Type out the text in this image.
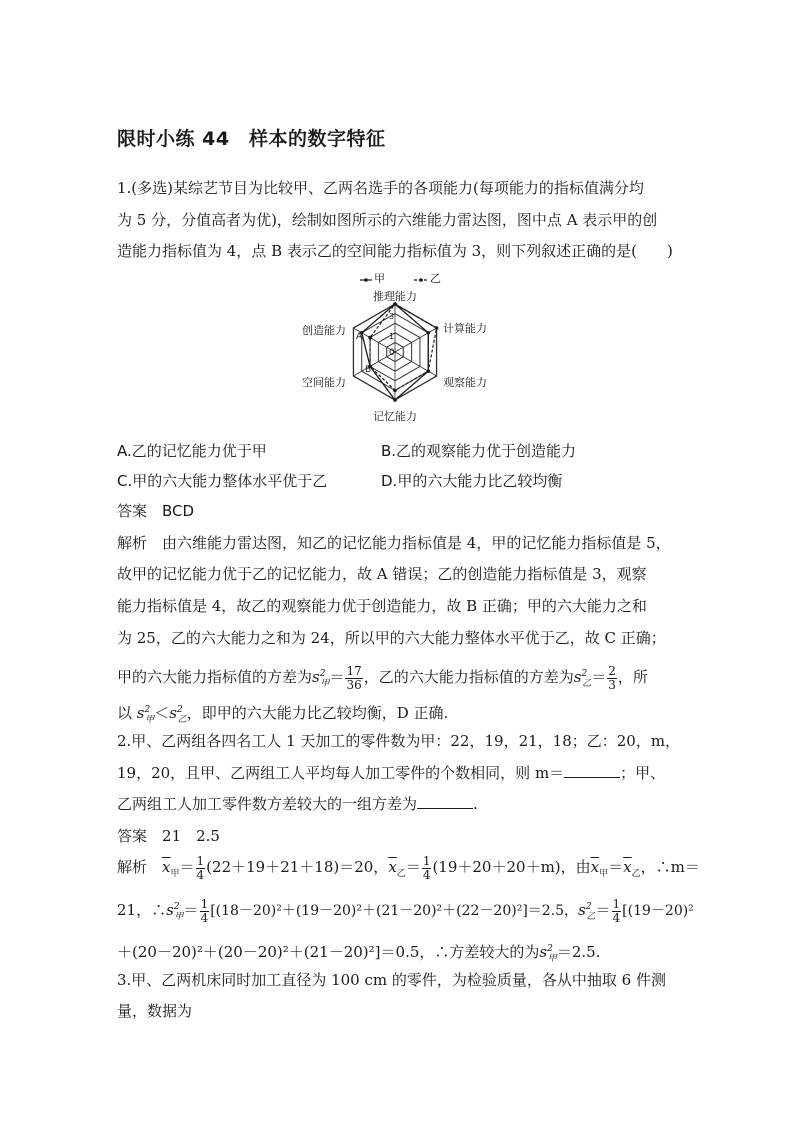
限时小练 44　样本的数字特征
1.(多选)某综艺节目为比较甲、乙两名选手的各项能力(每项能力的指标值满分均
为 5 分，分值高者为优)，绘制如图所示的六维能力雷达图，图中点 A 表示甲的创
造能力指标值为 4，点 B 表示乙的空间能力指标值为 3，则下列叙述正确的是(　　)
甲	乙
推理能力
计算能力
观察能力
记忆能力
空间能力
创造能力 A
B
0
1
3
A.乙的记忆能力优于甲	B.乙的观察能力优于创造能力
C.甲的六大能力整体水平优于乙	D.甲的六大能力比乙较均衡
答案　 BCD
解析　 由六维能力雷达图，知乙的记忆能力指标值是 4，甲的记忆能力指标值是 5，
故甲的记忆能力优于乙的记忆能力，故 A 错误；乙的创造能力指标值是 3，观察
能力指标值是 4，故乙的观察能力优于创造能力，故 B 正确；甲的六大能力之和
为 25，乙的六大能力之和为 24，所以甲的六大能力整体水平优于乙，故 C 正确；
甲的六大能力指标值的方差为$s^2_甲= \frac{17}{36}$ ，乙的六大能力指标值的方差为$s^2_乙= \frac{2}{3}$ ，所
以 $s^2_甲<s^2_乙$，即甲的六大能力比乙较均衡，D 正确.
2.甲、乙两组各四名工人 1 天加工的零件数为甲：22，19，21，18；乙：20，m，
19，20，且甲、乙两组工人平均每人加工零件的个数相同，则 m＝	；甲、
乙两组工人加工零件数方差较大的一组方差为	.
答案　 21　2.5
解析　 $\overline{x}_甲= \frac{1}{4} (22+19+21+18)=20$，$\overline{x}_乙= \frac{1}{4} (19+20+20+m)$，由$\overline{x}_甲=\overline{x}_乙$，∴m＝
21，$\therefore s^2_甲= \frac{1}{4} [(18-20)^2+(19-20)^2+(21-20)^2+(22-20)^2]=2.5$，$s^2_乙= \frac{1}{4} [(19-20)^2$
＋(20－20)²＋(20－20)²＋(21－20)²]＝0.5，∴方差较大的为$s^2_甲=2.5$.
3.甲、乙两机床同时加工直径为 100 cm 的零件，为检验质量，各从中抽取 6 件测
量，数据为
